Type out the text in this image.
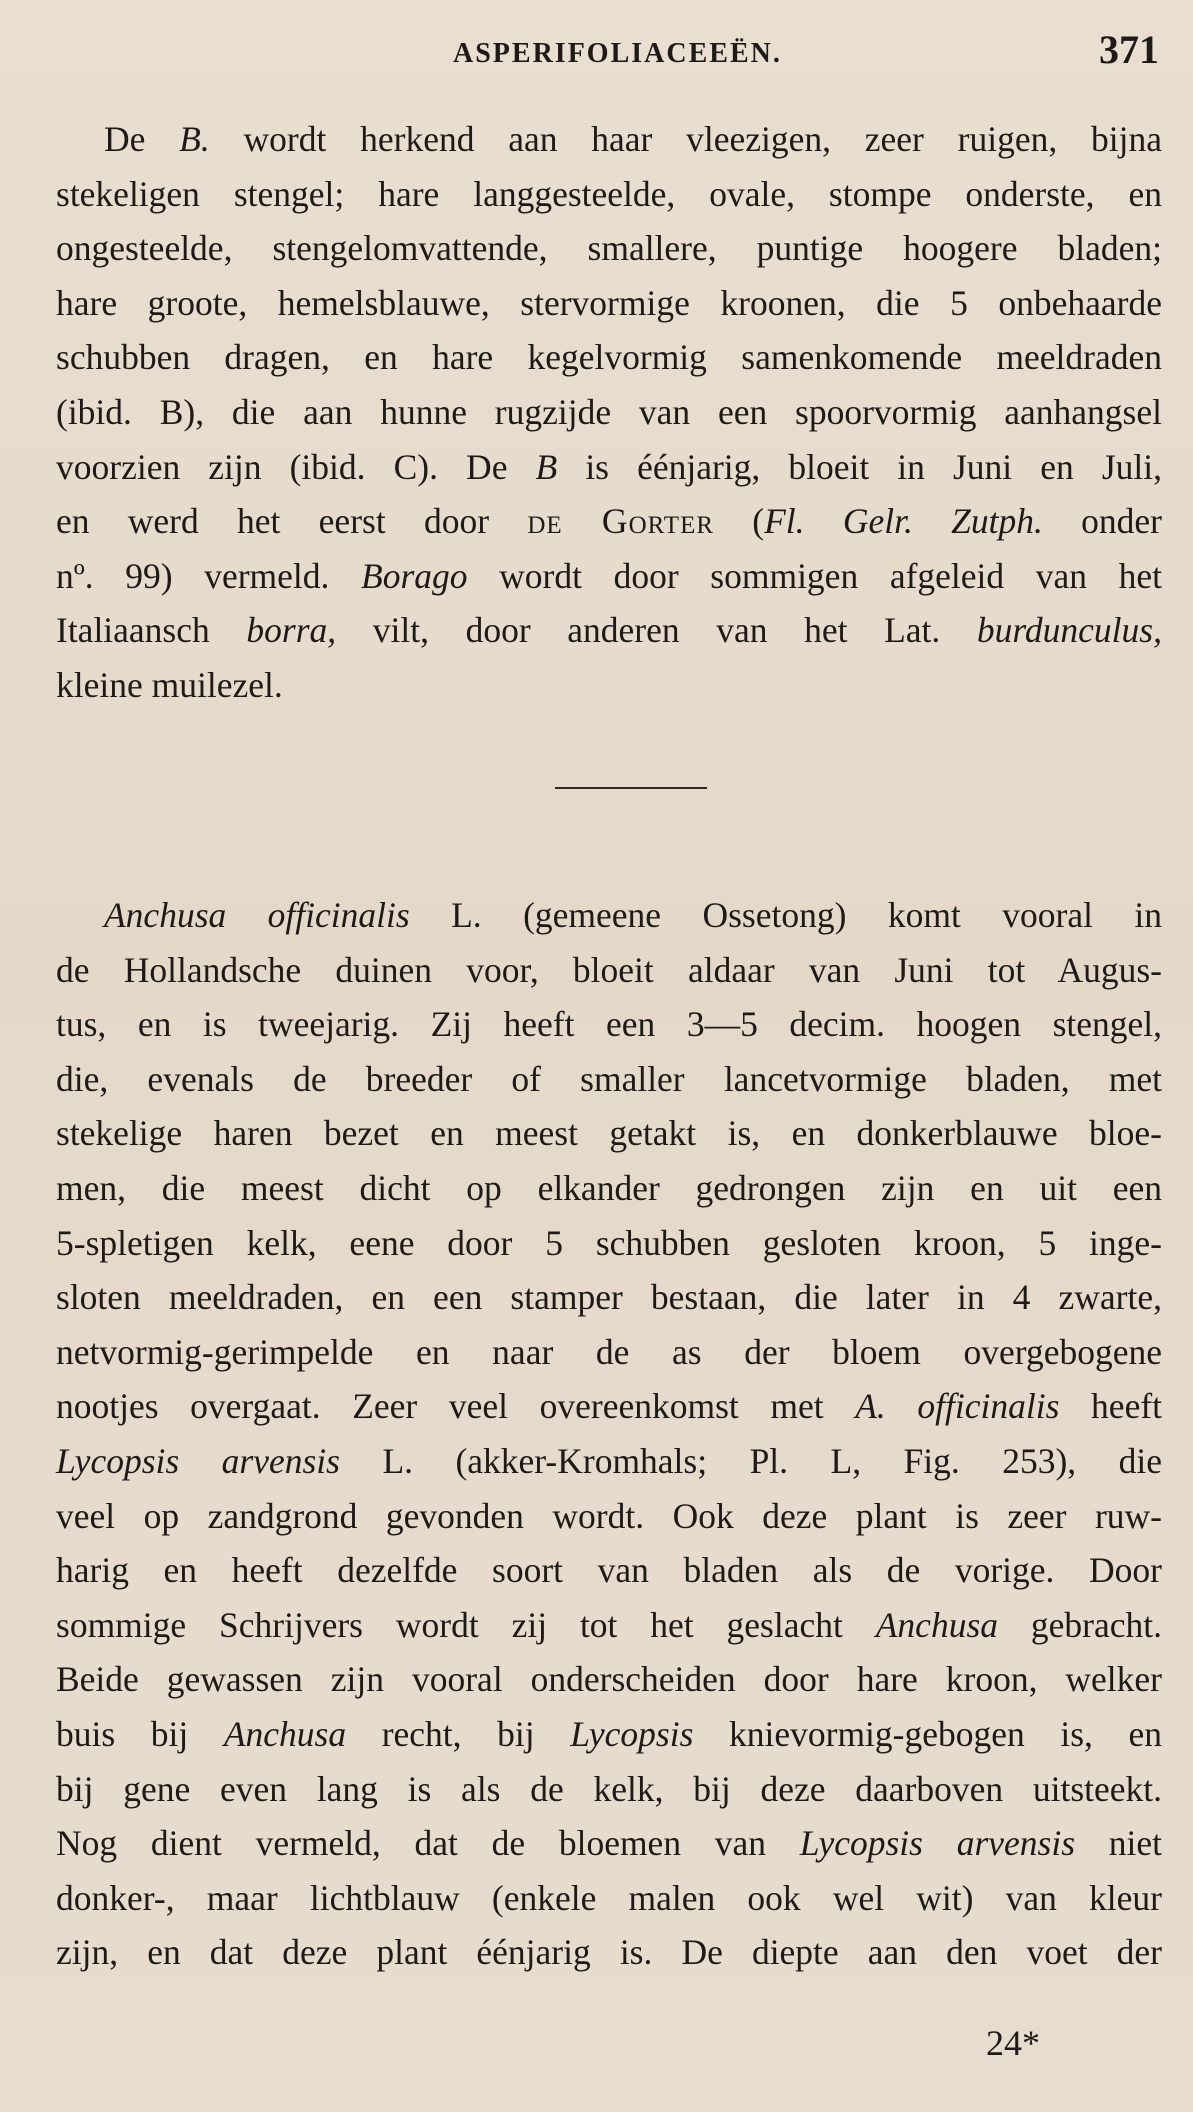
ASPERIFOLIACEEËN.	371
De B. wordt herkend aan haar vleezigen, zeer ruigen, bijna
stekeligen stengel; hare langgesteelde, ovale, stompe onderste, en
ongesteelde, stengelomvattende, smallere, puntige hoogere bladen;
hare groote, hemelsblauwe, stervormige kroonen, die 5 onbehaarde
schubben dragen, en hare kegelvormig samenkomende meeldraden
(ibid. B), die aan hunne rugzijde van een spoorvormig aanhangsel
voorzien zijn (ibid. C). De B is éénjarig, bloeit in Juni en Juli,
en werd het eerst door de Gorter (Fl. Gelr. Zutph. onder
nº. 99) vermeld. Borago wordt door sommigen afgeleid van het
Italiaansch borra, vilt, door anderen van het Lat. burdunculus,
kleine muilezel.
Anchusa officinalis L. (gemeene Ossetong) komt vooral in
de Hollandsche duinen voor, bloeit aldaar van Juni tot Augus-
tus, en is tweejarig. Zij heeft een 3—5 decim. hoogen stengel,
die, evenals de breeder of smaller lancetvormige bladen, met
stekelige haren bezet en meest getakt is, en donkerblauwe bloe-
men, die meest dicht op elkander gedrongen zijn en uit een
5-spletigen kelk, eene door 5 schubben gesloten kroon, 5 inge-
sloten meeldraden, en een stamper bestaan, die later in 4 zwarte,
netvormig-gerimpelde en naar de as der bloem overgebogene
nootjes overgaat. Zeer veel overeenkomst met A. officinalis heeft
Lycopsis arvensis L. (akker-Kromhals; Pl. L, Fig. 253), die
veel op zandgrond gevonden wordt. Ook deze plant is zeer ruw-
harig en heeft dezelfde soort van bladen als de vorige. Door
sommige Schrijvers wordt zij tot het geslacht Anchusa gebracht.
Beide gewassen zijn vooral onderscheiden door hare kroon, welker
buis bij Anchusa recht, bij Lycopsis knievormig-gebogen is, en
bij gene even lang is als de kelk, bij deze daarboven uitsteekt.
Nog dient vermeld, dat de bloemen van Lycopsis arvensis niet
donker-, maar lichtblauw (enkele malen ook wel wit) van kleur
zijn, en dat deze plant éénjarig is. De diepte aan den voet der
24*
